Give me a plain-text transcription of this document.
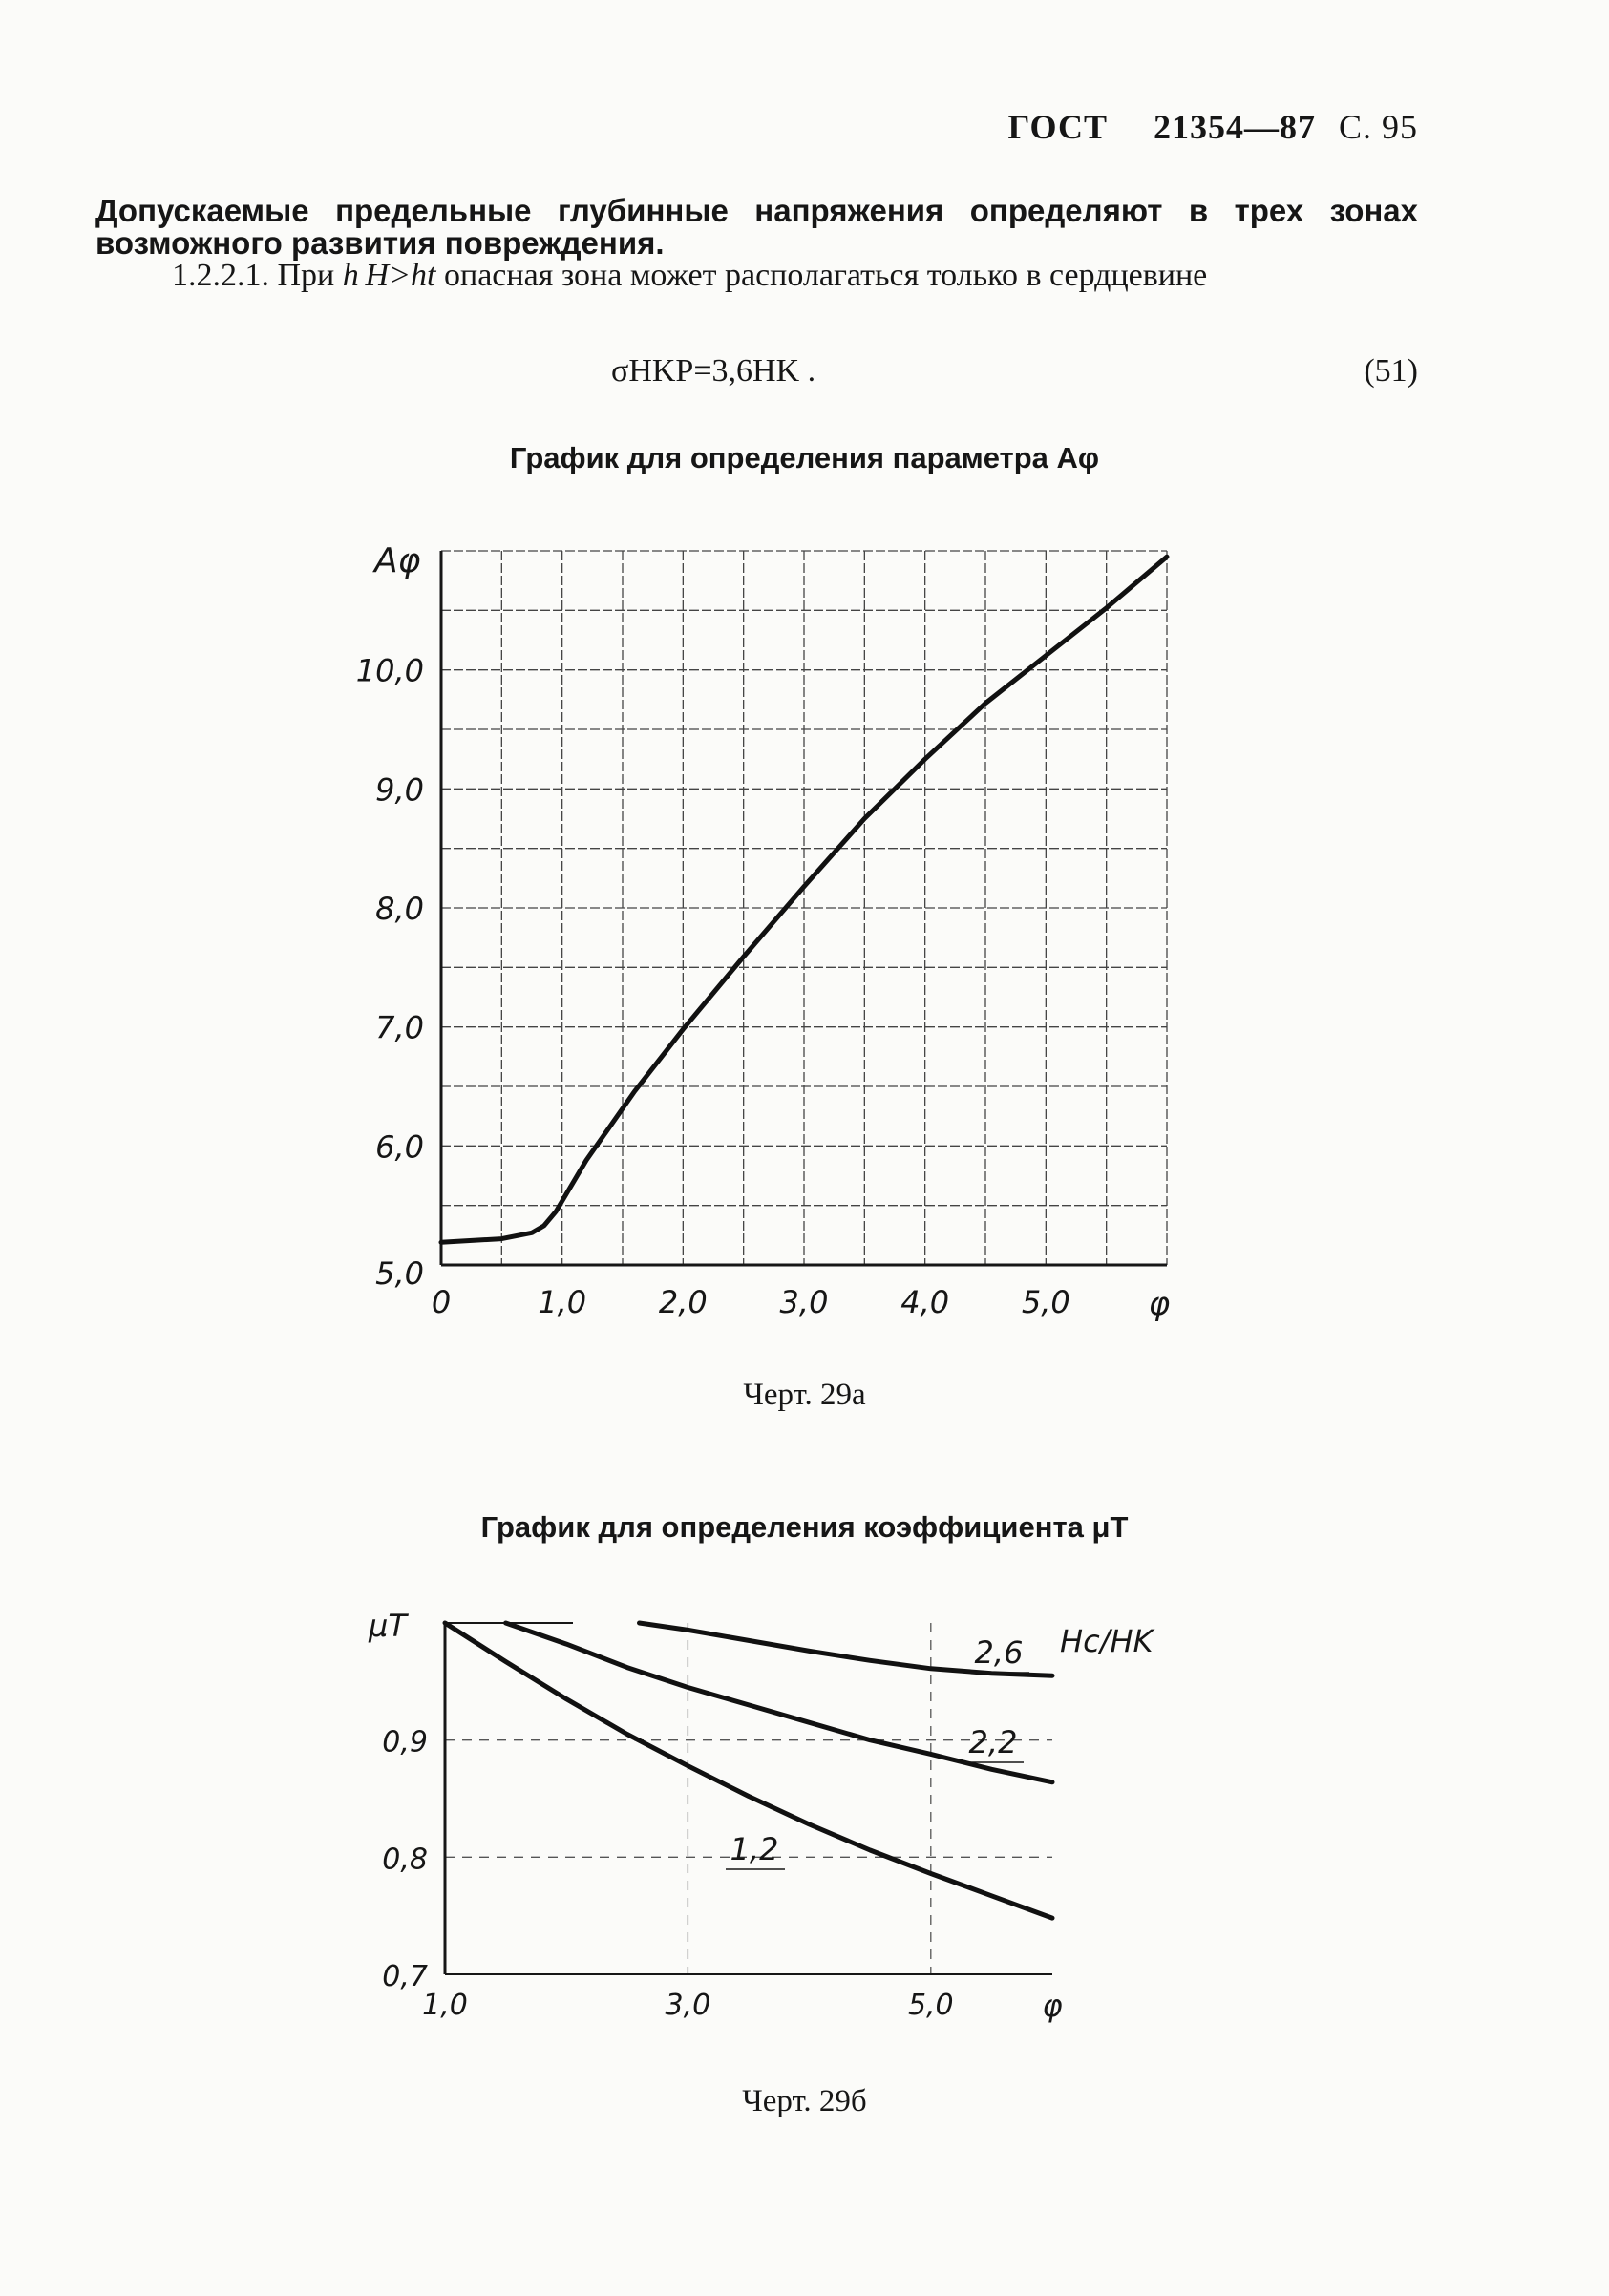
ГОСТ 21354—87 С. 95
Допускаемые предельные глубинные напряжения определяют в трех зонах возможного развития повреждения.
1.2.2.1. При h H>ht опасная зона может располагаться только в сердцевине
σHKP=3,6HK .	(51)
График для определения параметра Aφ
Черт. 29а
График для определения коэффициента μT
Черт. 29б
0	1,0 2,0 3,0 4,0 5,0
5,0
6,0
7,0
8,0
9,0
10,0
φ
Aφ
1,0	3,0	5,0
0,7
0,8
0,9
φ
μT	Hc/HK
1,2
2,2
2,6
